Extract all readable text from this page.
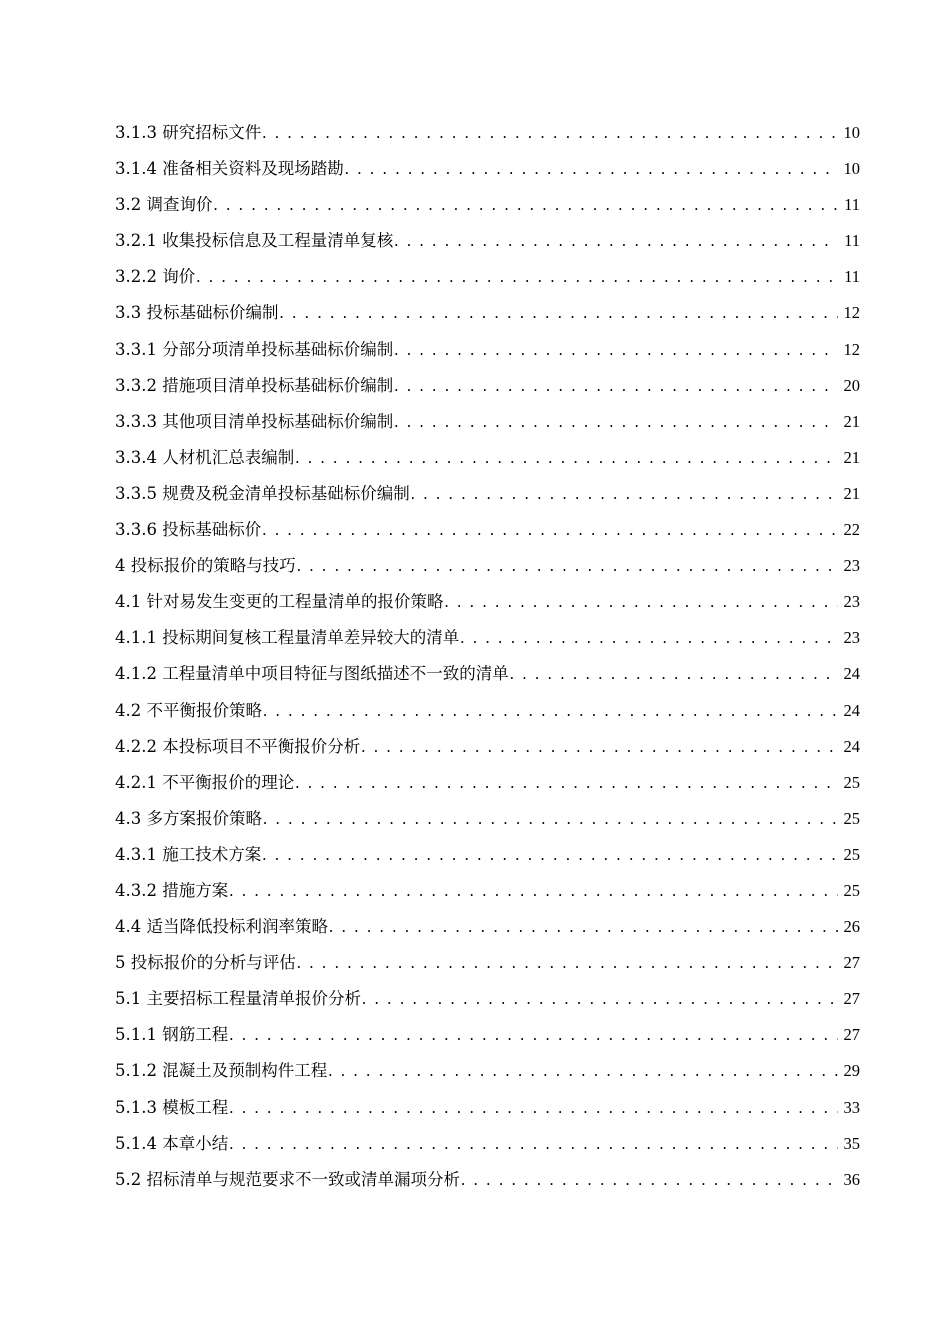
3.1.3 研究招标文件 . . .	10
3.1.4 准备相关资料及现场踏勘 . . .	10
3.2 调查询价 . . .	11
3.2.1 收集投标信息及工程量清单复核 . . .	11
3.2.2 询价 . . .	11
3.3 投标基础标价编制 . . .	12
3.3.1 分部分项清单投标基础标价编制 . . .	12
3.3.2 措施项目清单投标基础标价编制 . . .	20
3.3.3 其他项目清单投标基础标价编制 . . .	21
3.3.4 人材机汇总表编制 . . .	21
3.3.5 规费及税金清单投标基础标价编制 . . .	21
3.3.6 投标基础标价 . . .	22
4 投标报价的策略与技巧 . . .	23
4.1 针对易发生变更的工程量清单的报价策略 . . .	23
4.1.1 投标期间复核工程量清单差异较大的清单 . . .	23
4.1.2 工程量清单中项目特征与图纸描述不一致的清单 . . .	24
4.2 不平衡报价策略 . . .	24
4.2.2 本投标项目不平衡报价分析 . . .	24
4.2.1 不平衡报价的理论 . . .	25
4.3 多方案报价策略 . . .	25
4.3.1 施工技术方案 . . .	25
4.3.2 措施方案 . . .	25
4.4 适当降低投标利润率策略 . . .	26
5 投标报价的分析与评估 . . .	27
5.1 主要招标工程量清单报价分析 . . .	27
5.1.1 钢筋工程 . . .	27
5.1.2 混凝土及预制构件工程 . . .	29
5.1.3 模板工程 . . .	33
5.1.4 本章小结 . . .	35
5.2 招标清单与规范要求不一致或清单漏项分析 . . .	36
